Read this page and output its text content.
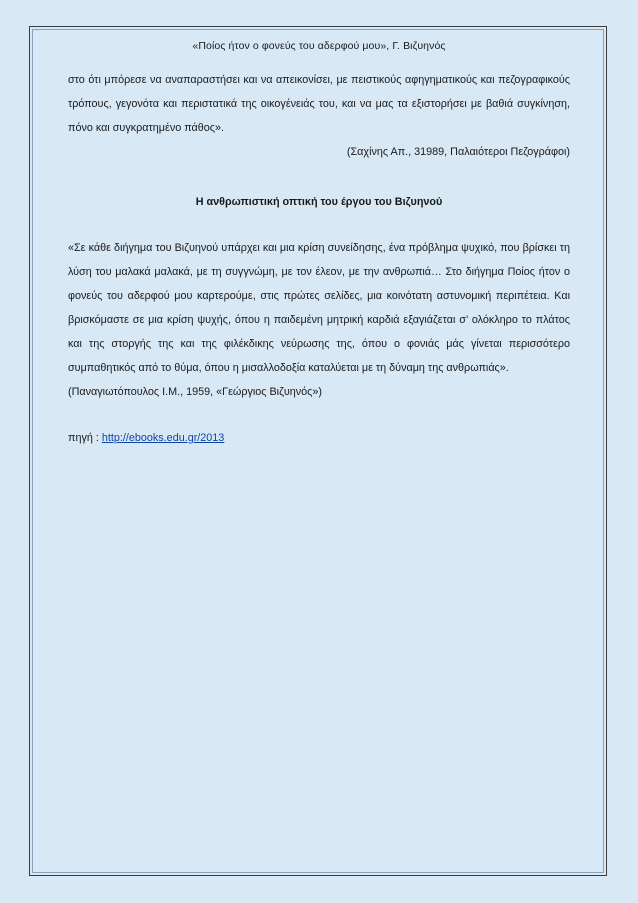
«Ποίος ήτον ο φονεύς του αδερφού μου», Γ. Βιζυηνός

στο ότι μπόρεσε να αναπαραστήσει και να απεικονίσει, με πειστικούς αφηγηματικούς και πεζογραφικούς τρόπους, γεγονότα και περιστατικά της οικογένειάς του, και να μας τα εξιστορήσει με βαθιά συγκίνηση, πόνο και συγκρατημένο πάθος».

(Σαχίνης Απ., 31989, Παλαιότεροι Πεζογράφοι)

Η ανθρωπιστική οπτική του έργου του Βιζυηνού

«Σε κάθε διήγημα του Βιζυηνού υπάρχει και μια κρίση συνείδησης, ένα πρόβλημα ψυχικό, που βρίσκει τη λύση του μαλακά μαλακά, με τη συγγνώμη, με τον έλεον, με την ανθρωπιά… Στο διήγημα Ποίος ήτον ο φονεύς του αδερφού μου καρτερούμε, στις πρώτες σελίδες, μια κοινότατη αστυνομική περιπέτεια. Και βρισκόμαστε σε μια κρίση ψυχής, όπου η παιδεμένη μητρική καρδιά εξαγιάζεται σ’ ολόκληρο το πλάτος και της στοργής της και της φιλέκδικης νεύρωσης της, όπου ο φονιάς μάς γίνεται περισσότερο συμπαθητικός από το θύμα, όπου η μισαλλοδοξία καταλύεται με τη δύναμη της ανθρωπιάς».

(Παναγιωτόπουλος Ι.Μ., 1959, «Γεώργιος Βιζυηνός»)

πηγή : http://ebooks.edu.gr/2013
